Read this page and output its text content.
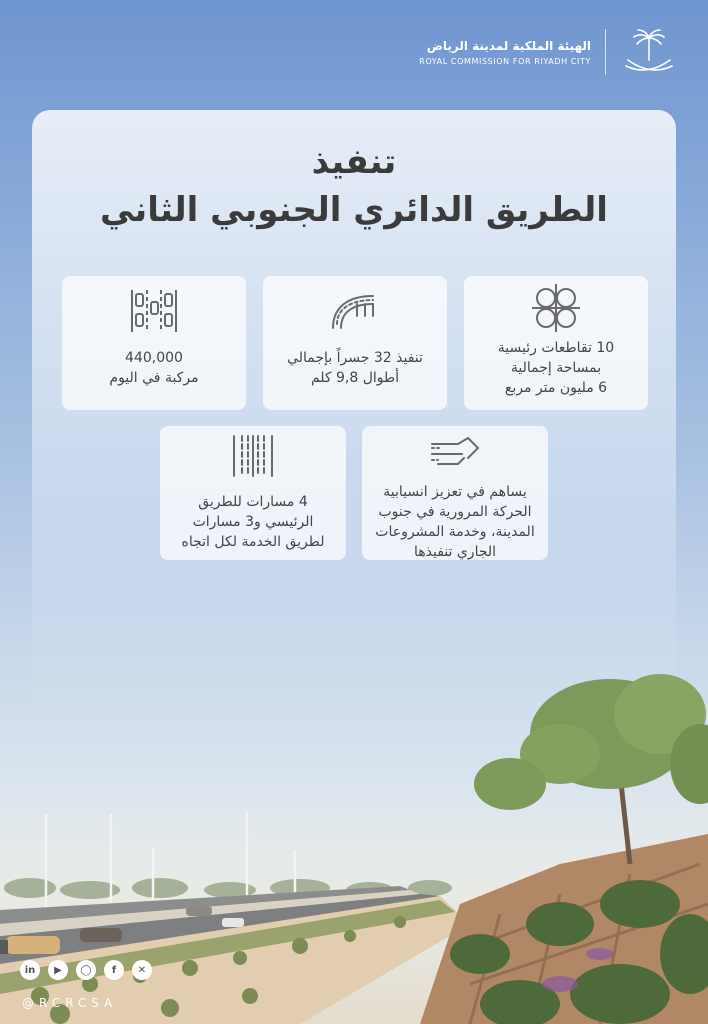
الهيئة الملكية لمدينة الرياض
ROYAL COMMISSION FOR RIYADH CITY
تنفيذ
الطريق الدائري الجنوبي الثاني
10 تقاطعات رئيسية
بمساحة إجمالية
6 مليون متر مربع
تنفيذ 32 جسراً بإجمالي
أطوال 9,8 كلم
440,000
مركبة في اليوم
يساهم في تعزيز انسيابية
الحركة المرورية في جنوب
المدينة، وخدمة المشروعات
الجاري تنفيذها
4 مسارات للطريق
الرئيسي و3 مسارات
لطريق الخدمة لكل اتجاه
in	▶	◯	f	✕
@RCRCSA
